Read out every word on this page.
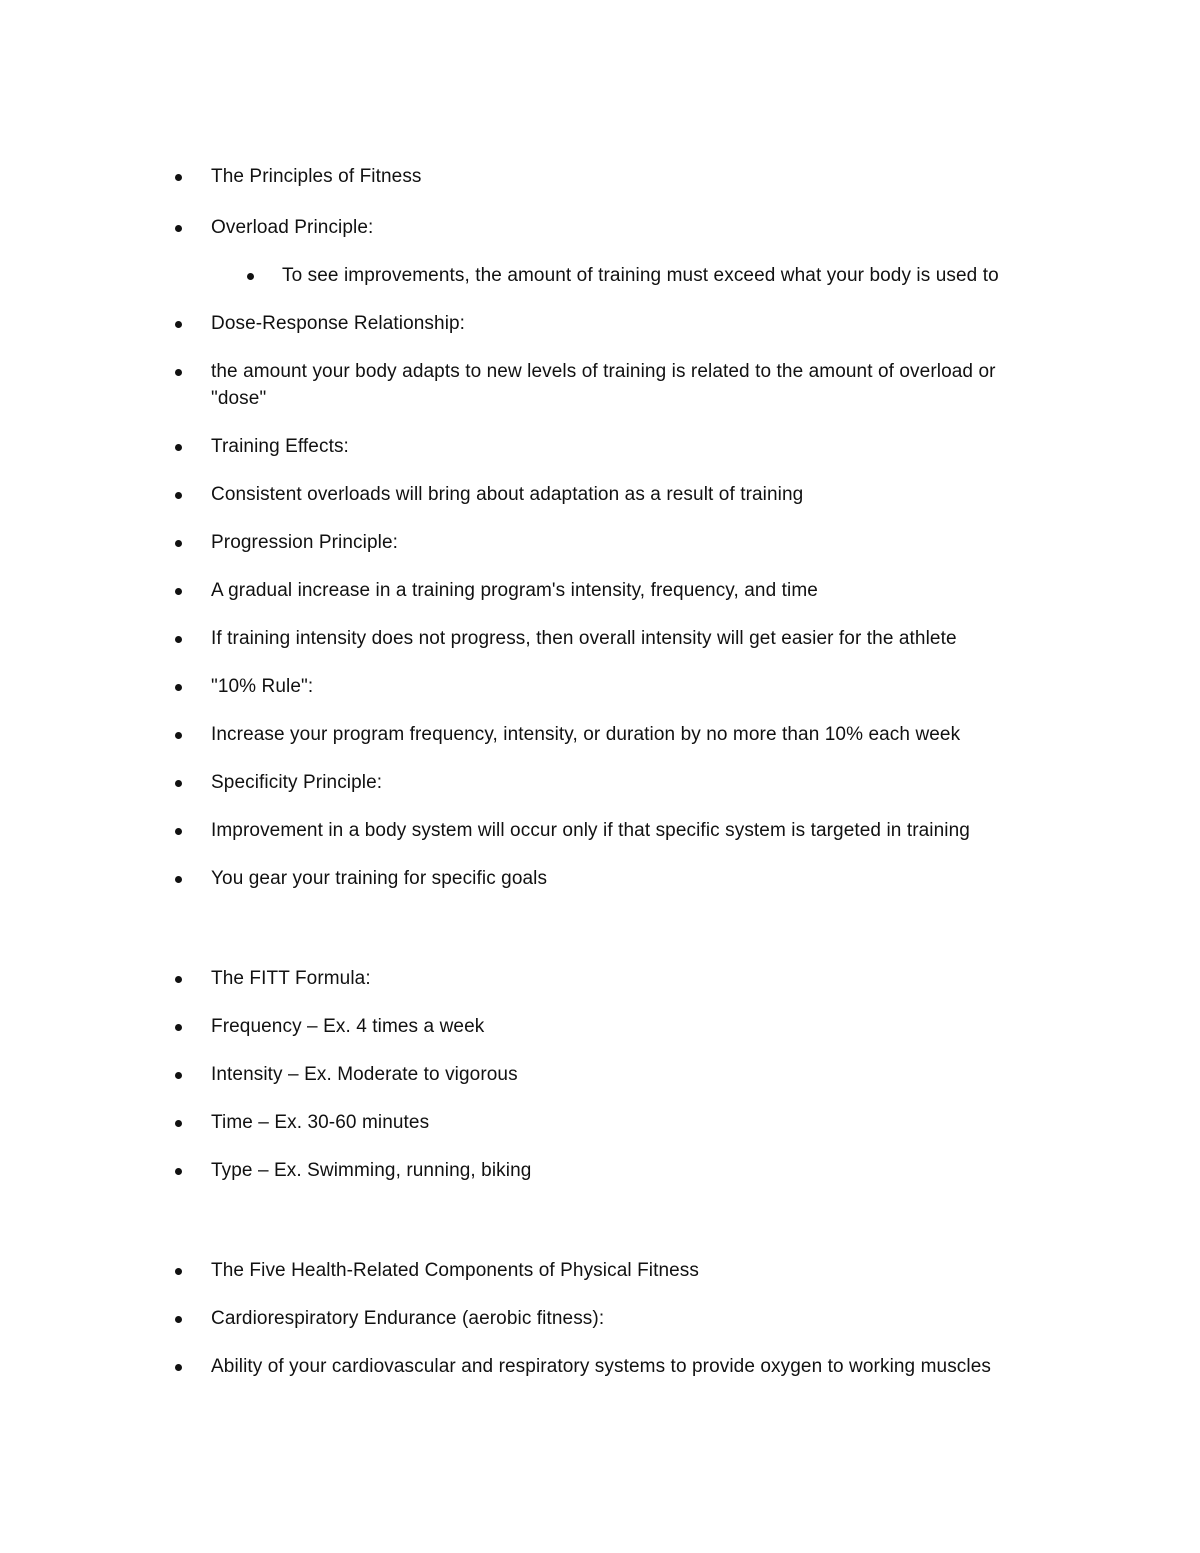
The Principles of Fitness
Overload Principle:
To see improvements, the amount of training must exceed what your body is used to
Dose-Response Relationship:
the amount your body adapts to new levels of training is related to the amount of overload or "dose"
Training Effects:
Consistent overloads will bring about adaptation as a result of training
Progression Principle:
A gradual increase in a training program's intensity, frequency, and time
If training intensity does not progress, then overall intensity will get easier for the athlete
"10% Rule":
Increase your program frequency, intensity, or duration by no more than 10% each week
Specificity Principle:
Improvement in a body system will occur only if that specific system is targeted in training
You gear your training for specific goals
The FITT Formula:
Frequency – Ex. 4 times a week
Intensity – Ex. Moderate to vigorous
Time – Ex. 30-60 minutes
Type – Ex. Swimming, running, biking
The Five Health-Related Components of Physical Fitness
Cardiorespiratory Endurance (aerobic fitness):
Ability of your cardiovascular and respiratory systems to provide oxygen to working muscles
